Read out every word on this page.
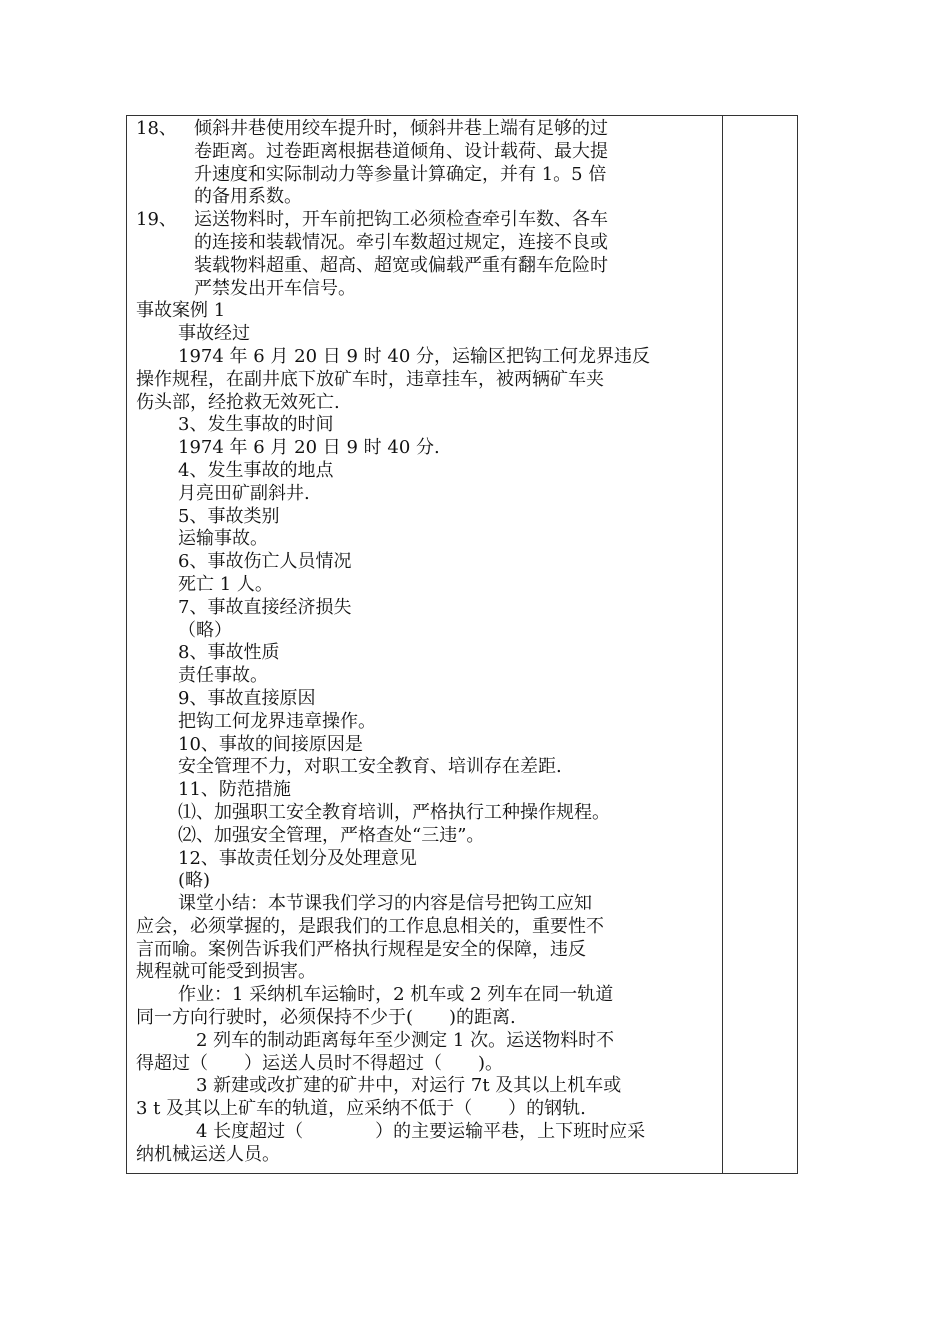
18、 倾斜井巷使用绞车提升时，倾斜井巷上端有足够的过
卷距离。过卷距离根据巷道倾角、设计载荷、最大提
升速度和实际制动力等参量计算确定，并有 1。5 倍
的备用系数。
19、 运送物料时，开车前把钩工必须检查牵引车数、各车
的连接和装载情况。牵引车数超过规定，连接不良或
装载物料超重、超高、超宽或偏载严重有翻车危险时
严禁发出开车信号。
事故案例 1
事故经过
1974 年 6 月 20 日 9 时 40 分，运输区把钩工何龙界违反
操作规程，在副井底下放矿车时，违章挂车，被两辆矿车夹
伤头部，经抢救无效死亡.
3、发生事故的时间
1974 年 6 月 20 日 9 时 40 分.
4、发生事故的地点
月亮田矿副斜井.
5、事故类别
运输事故。
6、事故伤亡人员情况
死亡 1 人。
7、事故直接经济损失
（略）
8、事故性质
责任事故。
9、事故直接原因
把钩工何龙界违章操作。
10、事故的间接原因是
安全管理不力，对职工安全教育、培训存在差距.
11、防范措施
⑴、加强职工安全教育培训，严格执行工种操作规程。
⑵、加强安全管理，严格查处“三违”。
12、事故责任划分及处理意见
(略)
课堂小结：本节课我们学习的内容是信号把钩工应知
应会，必须掌握的，是跟我们的工作息息相关的，重要性不
言而喻。案例告诉我们严格执行规程是安全的保障，违反
规程就可能受到损害。
作业：1 采纳机车运输时，2 机车或 2 列车在同一轨道
同一方向行驶时，必须保持不少于(　　)的距离.
2 列车的制动距离每年至少测定 1 次。运送物料时不
得超过（　　）运送人员时不得超过（　　)。
3 新建或改扩建的矿井中，对运行 7t 及其以上机车或
3 t 及其以上矿车的轨道，应采纳不低于（　　）的钢轨.
4 长度超过（　　　　）的主要运输平巷，上下班时应采
纳机械运送人员。
